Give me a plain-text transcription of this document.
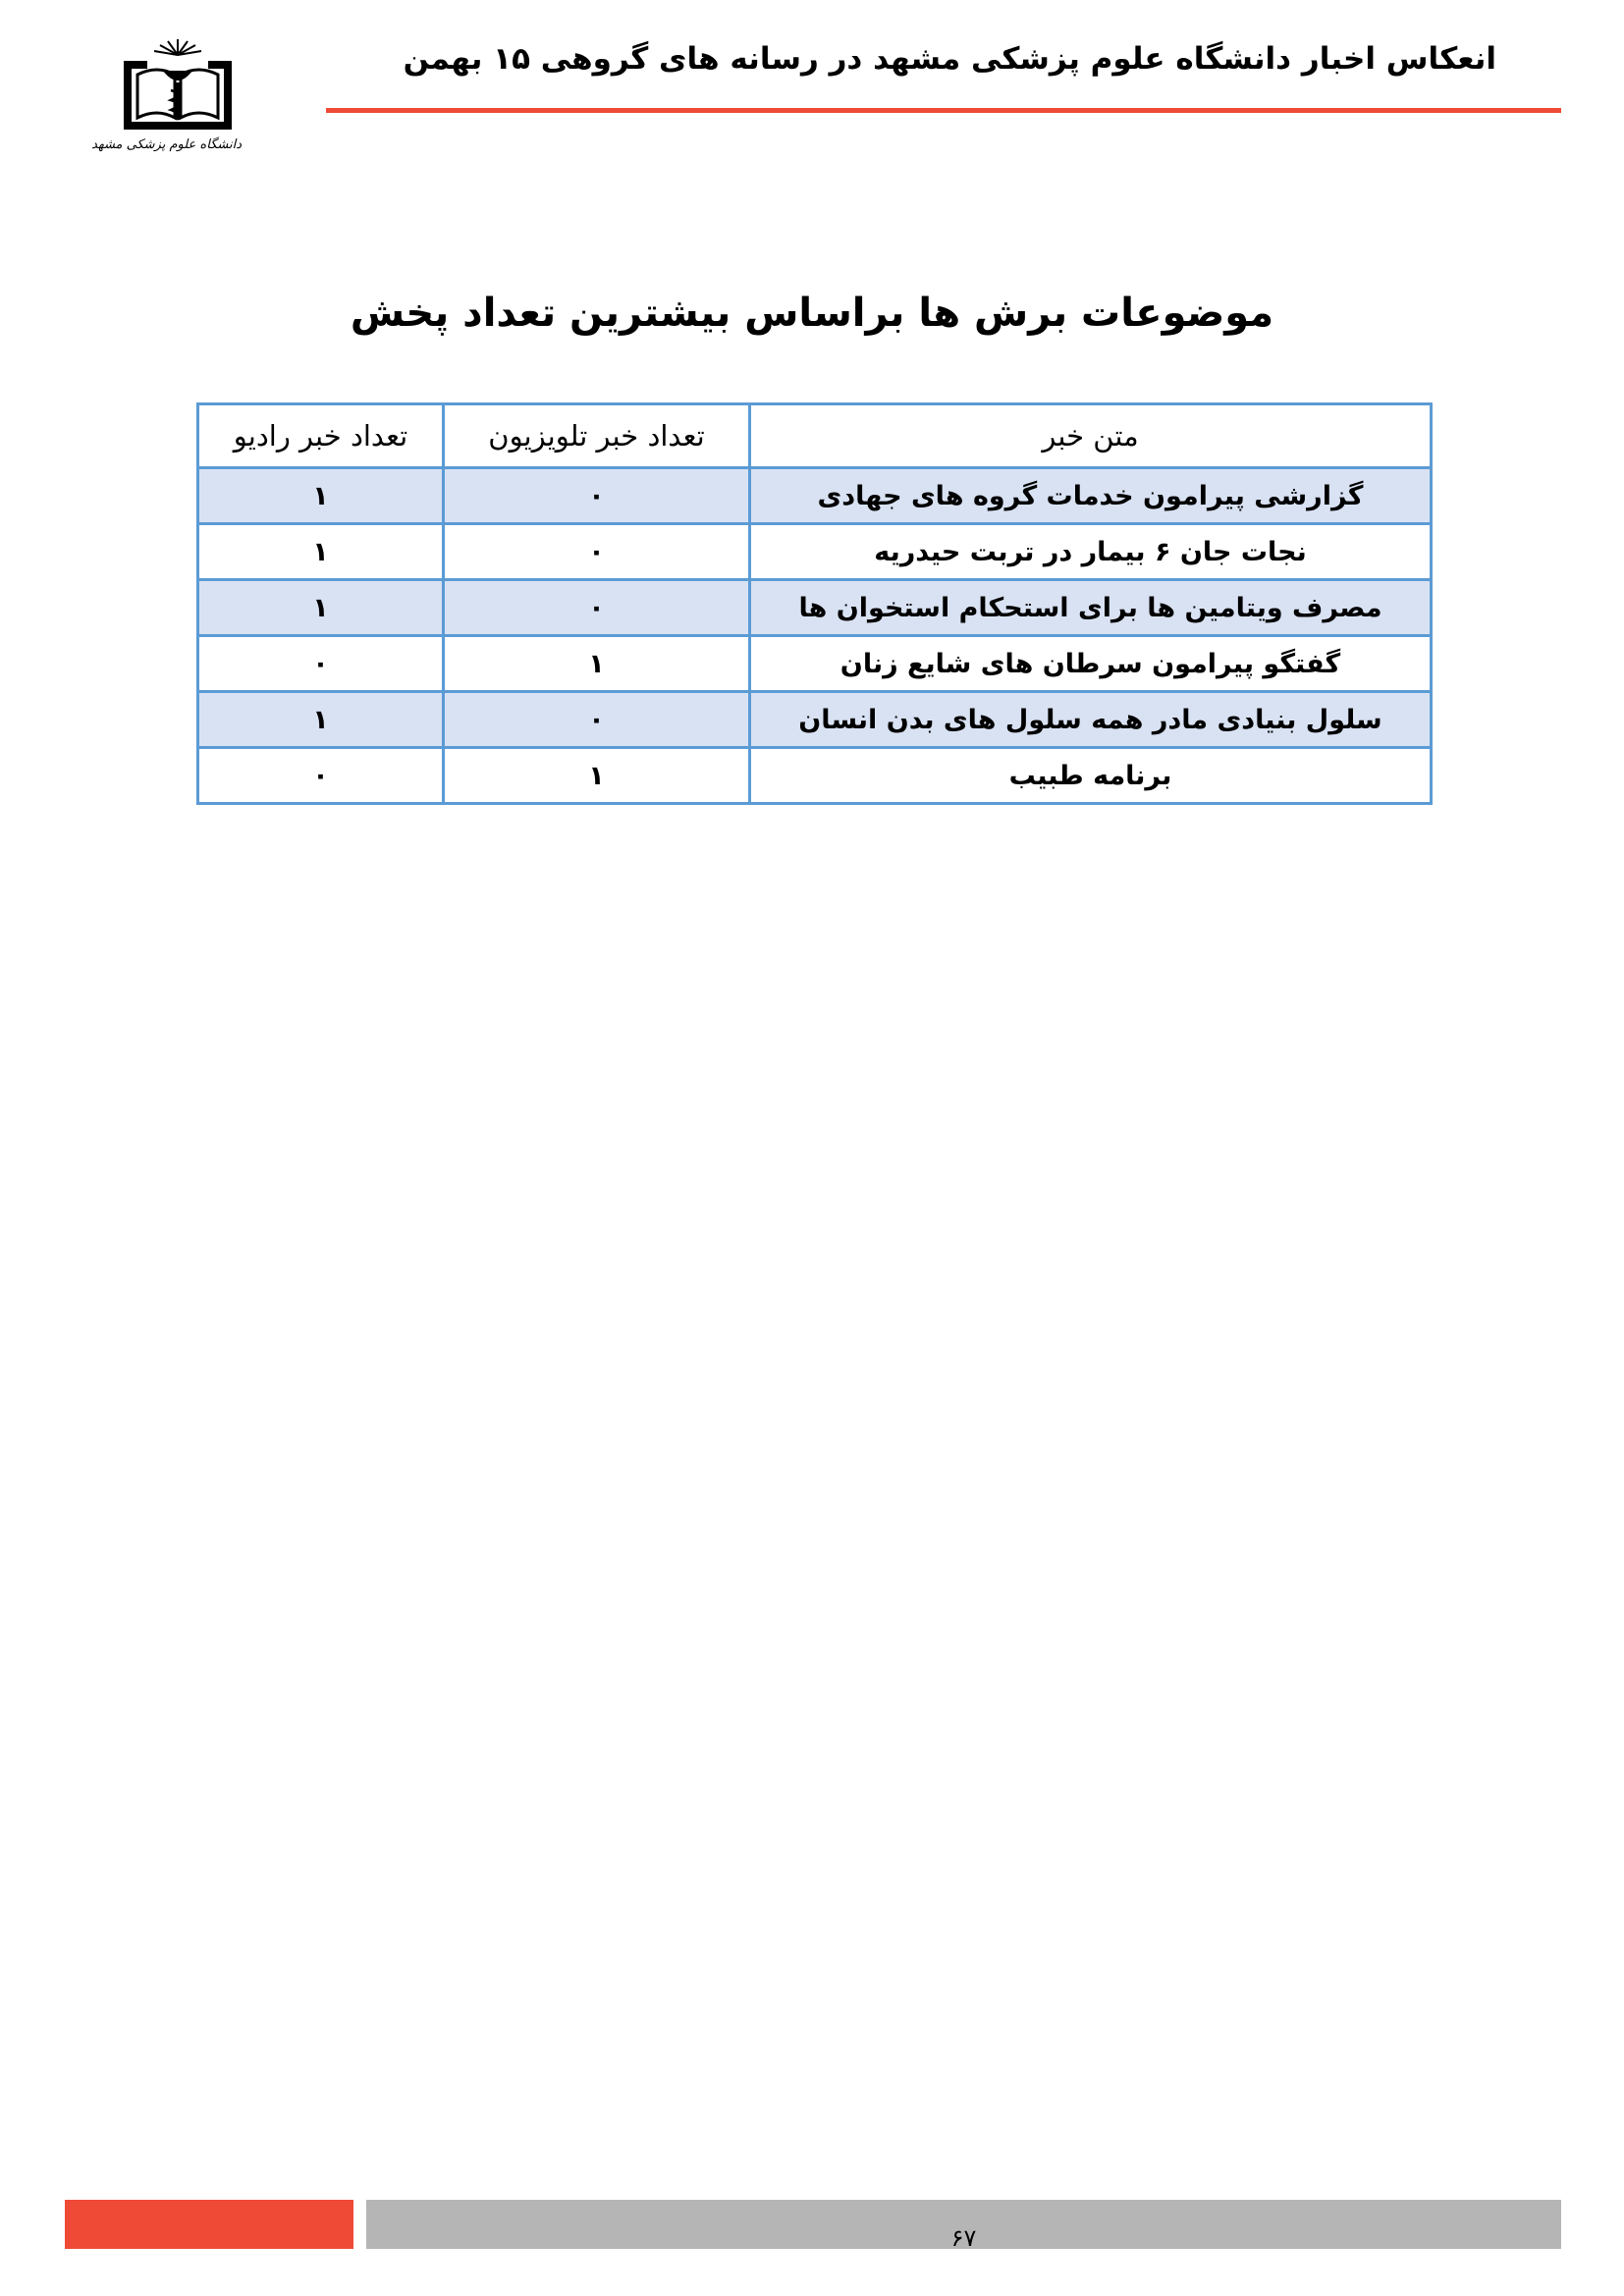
انعکاس اخبار دانشگاه علوم پزشکی مشهد در رسانه های گروهی ۱۵ بهمن
دانشگاه علوم پزشکی مشهد
موضوعات برش ها براساس بیشترین تعداد پخش
متن خبر	تعداد خبر تلویزیون	تعداد خبر رادیو
گزارشی پیرامون خدمات گروه های جهادی	۰	۱
نجات جان ۶ بیمار در تربت حیدریه	۰	۱
مصرف ویتامین ها برای استحکام استخوان ها	۰	۱
گفتگو پیرامون سرطان های شایع زنان	۱	۰
سلول بنیادی مادر همه سلول های بدن انسان	۰	۱
برنامه طبیب	۱	۰
۶۷
